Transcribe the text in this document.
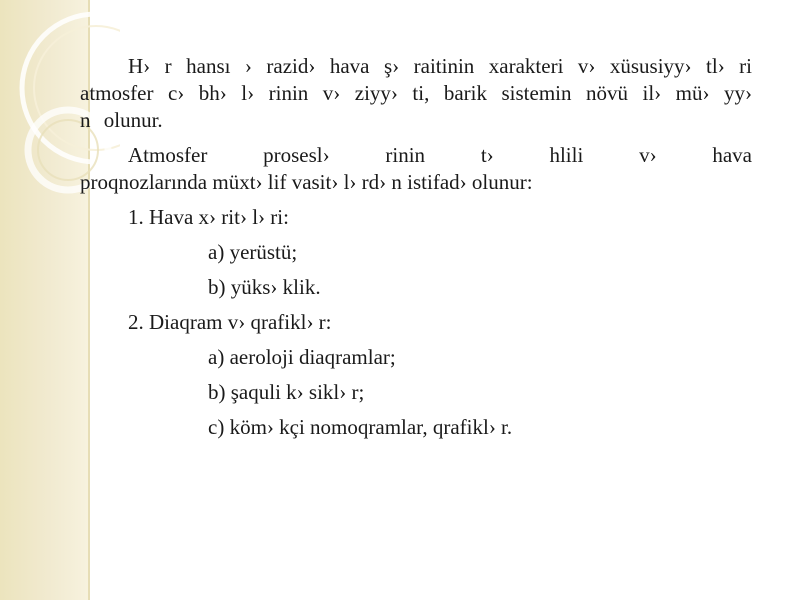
H› r hansı › razid› hava ş› raitinin xarakteri v› xüsusiyy› tl› ri atmosfer c› bh› l› rinin v› ziyy› ti, barik sistemin növü il› mü› yy› n olunur.

Atmosfer prosesl› rinin t› hlili v› hava
proqnozlarında müxt› lif vasit› l› rd› n istifad› olunur:

1. Hava x› rit› l› ri:

a) yerüstü;

b) yüks› klik.

2. Diaqram v› qrafikl› r:

a) aeroloji diaqramlar;

b) şaquli k› sikl› r;

c) köm› kçi nomoqramlar, qrafikl› r.
